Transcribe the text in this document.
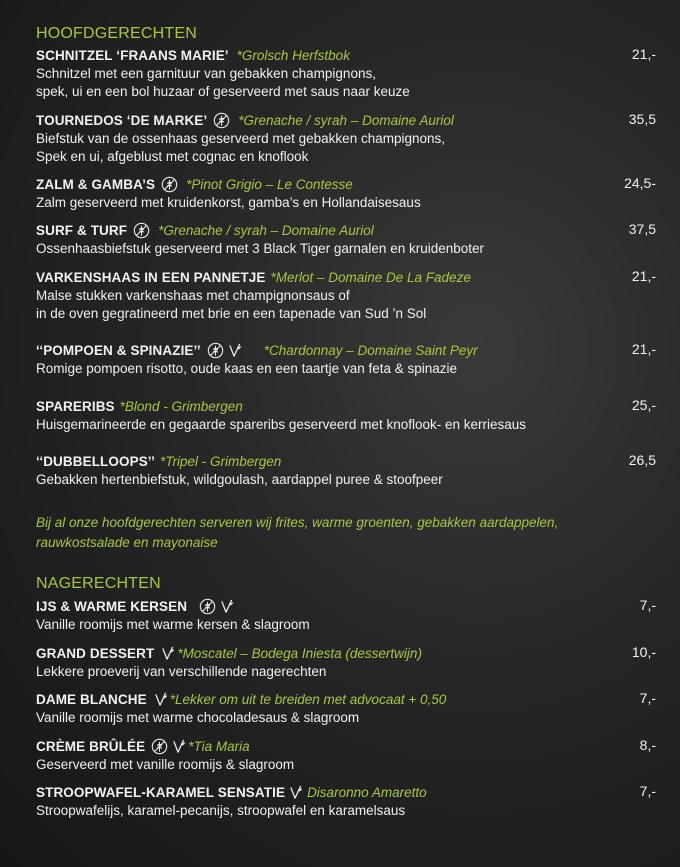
HOOFDGERECHTEN
SCHNITZEL ‘FRAANS MARIE’ *Grolsch Herfstbok	21,-
Schnitzel met een garnituur van gebakken champignons,
spek, ui en een bol huzaar of geserveerd met saus naar keuze
TOURNEDOS ‘DE MARKE’ *Grenache / syrah – Domaine Auriol	35,5
Biefstuk van de ossenhaas geserveerd met gebakken champignons,
Spek en ui, afgeblust met cognac en knoflook
ZALM & GAMBA’S *Pinot Grigio – Le Contesse	24,5-
Zalm geserveerd met kruidenkorst, gamba’s en Hollandaisesaus
SURF & TURF *Grenache / syrah – Domaine Auriol	37,5
Ossenhaasbiefstuk geserveerd met 3 Black Tiger garnalen en kruidenboter
VARKENSHAAS IN EEN PANNETJE *Merlot – Domaine De La Fadeze	21,-
Malse stukken varkenshaas met champignonsaus of
in de oven gegratineerd met brie en een tapenade van Sud ’n Sol
‘‘POMPOEN & SPINAZIE’’	*Chardonnay – Domaine Saint Peyr	21,-
Romige pompoen risotto, oude kaas en een taartje van feta & spinazie
SPARERIBS *Blond - Grimbergen	25,-
Huisgemarineerde en gegaarde spareribs geserveerd met knoflook- en kerriesaus
‘‘DUBBELLOOPS’’ *Tripel - Grimbergen	26,5
Gebakken hertenbiefstuk, wildgoulash, aardappel puree & stoofpeer
Bij al onze hoofdgerechten serveren wij frites, warme groenten, gebakken aardappelen,
rauwkostsalade en mayonaise
NAGERECHTEN
IJS & WARME KERSEN	7,-
Vanille roomijs met warme kersen & slagroom
GRAND DESSERT *Moscatel – Bodega Iniesta (dessertwijn)	10,-
Lekkere proeverij van verschillende nagerechten
DAME BLANCHE *Lekker om uit te breiden met advocaat + 0,50	7,-
Vanille roomijs met warme chocoladesaus & slagroom
CRÈME BRÛLÉE	*Tia Maria	8,-
Geserveerd met vanille roomijs & slagroom
STROOPWAFEL-KARAMEL SENSATIE Disaronno Amaretto	7,-
Stroopwafelijs, karamel-pecanijs, stroopwafel en karamelsaus
